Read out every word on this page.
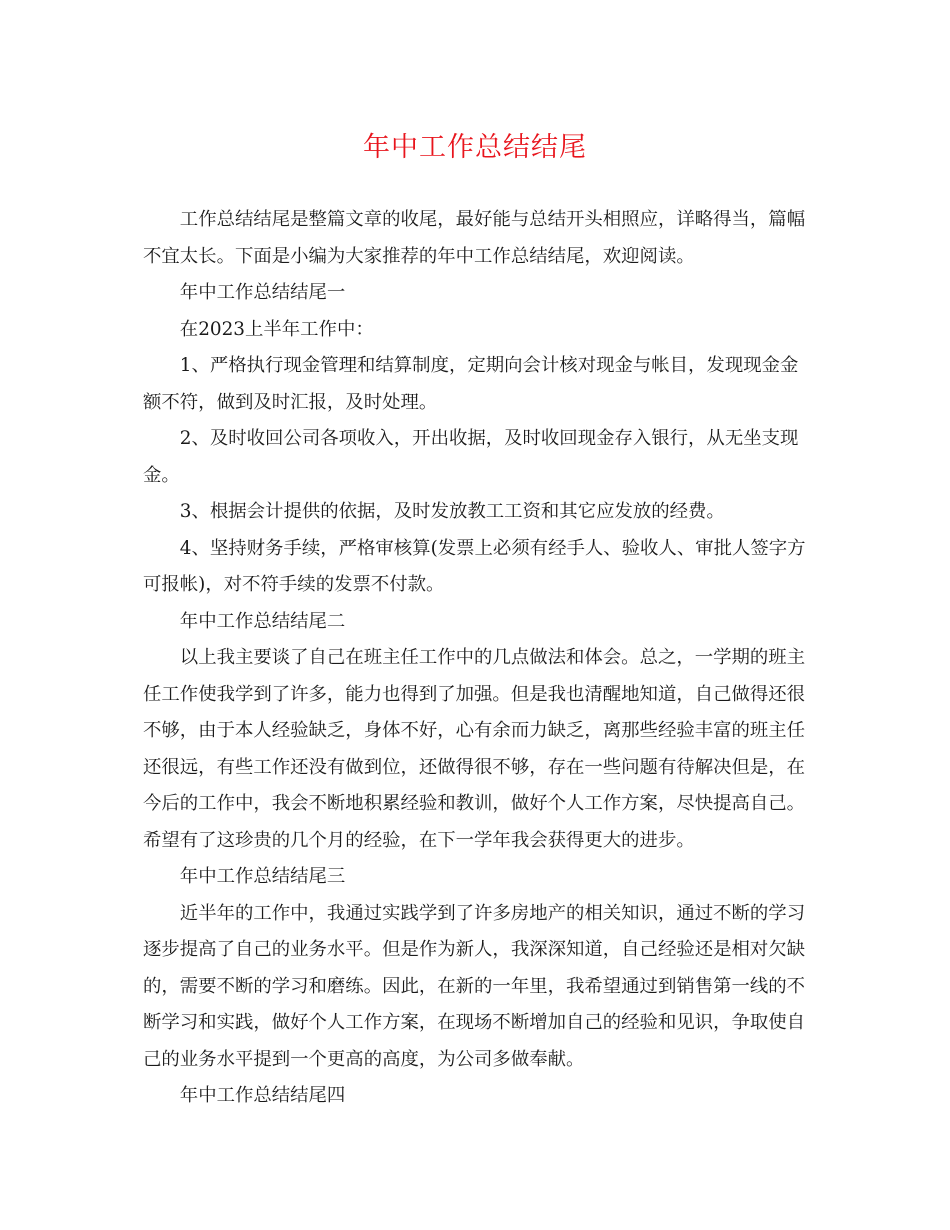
年中工作总结结尾

工作总结结尾是整篇文章的收尾，最好能与总结开头相照应，详略得当，篇幅不宜太长。下面是小编为大家推荐的年中工作总结结尾，欢迎阅读。

年中工作总结结尾一

在2023上半年工作中：

1、严格执行现金管理和结算制度，定期向会计核对现金与帐目，发现现金金额不符，做到及时汇报，及时处理。

2、及时收回公司各项收入，开出收据，及时收回现金存入银行，从无坐支现金。

3、根据会计提供的依据，及时发放教工工资和其它应发放的经费。

4、坚持财务手续，严格审核算(发票上必须有经手人、验收人、审批人签字方可报帐)，对不符手续的发票不付款。

年中工作总结结尾二

以上我主要谈了自己在班主任工作中的几点做法和体会。总之，一学期的班主任工作使我学到了许多，能力也得到了加强。但是我也清醒地知道，自己做得还很不够，由于本人经验缺乏，身体不好，心有余而力缺乏，离那些经验丰富的班主任还很远，有些工作还没有做到位，还做得很不够，存在一些问题有待解决但是，在今后的工作中，我会不断地积累经验和教训，做好个人工作方案，尽快提高自己。希望有了这珍贵的几个月的经验，在下一学年我会获得更大的进步。

年中工作总结结尾三

近半年的工作中，我通过实践学到了许多房地产的相关知识，通过不断的学习逐步提高了自己的业务水平。但是作为新人，我深深知道，自己经验还是相对欠缺的，需要不断的学习和磨练。因此，在新的一年里，我希望通过到销售第一线的不断学习和实践，做好个人工作方案，在现场不断增加自己的经验和见识，争取使自己的业务水平提到一个更高的高度，为公司多做奉献。

年中工作总结结尾四
